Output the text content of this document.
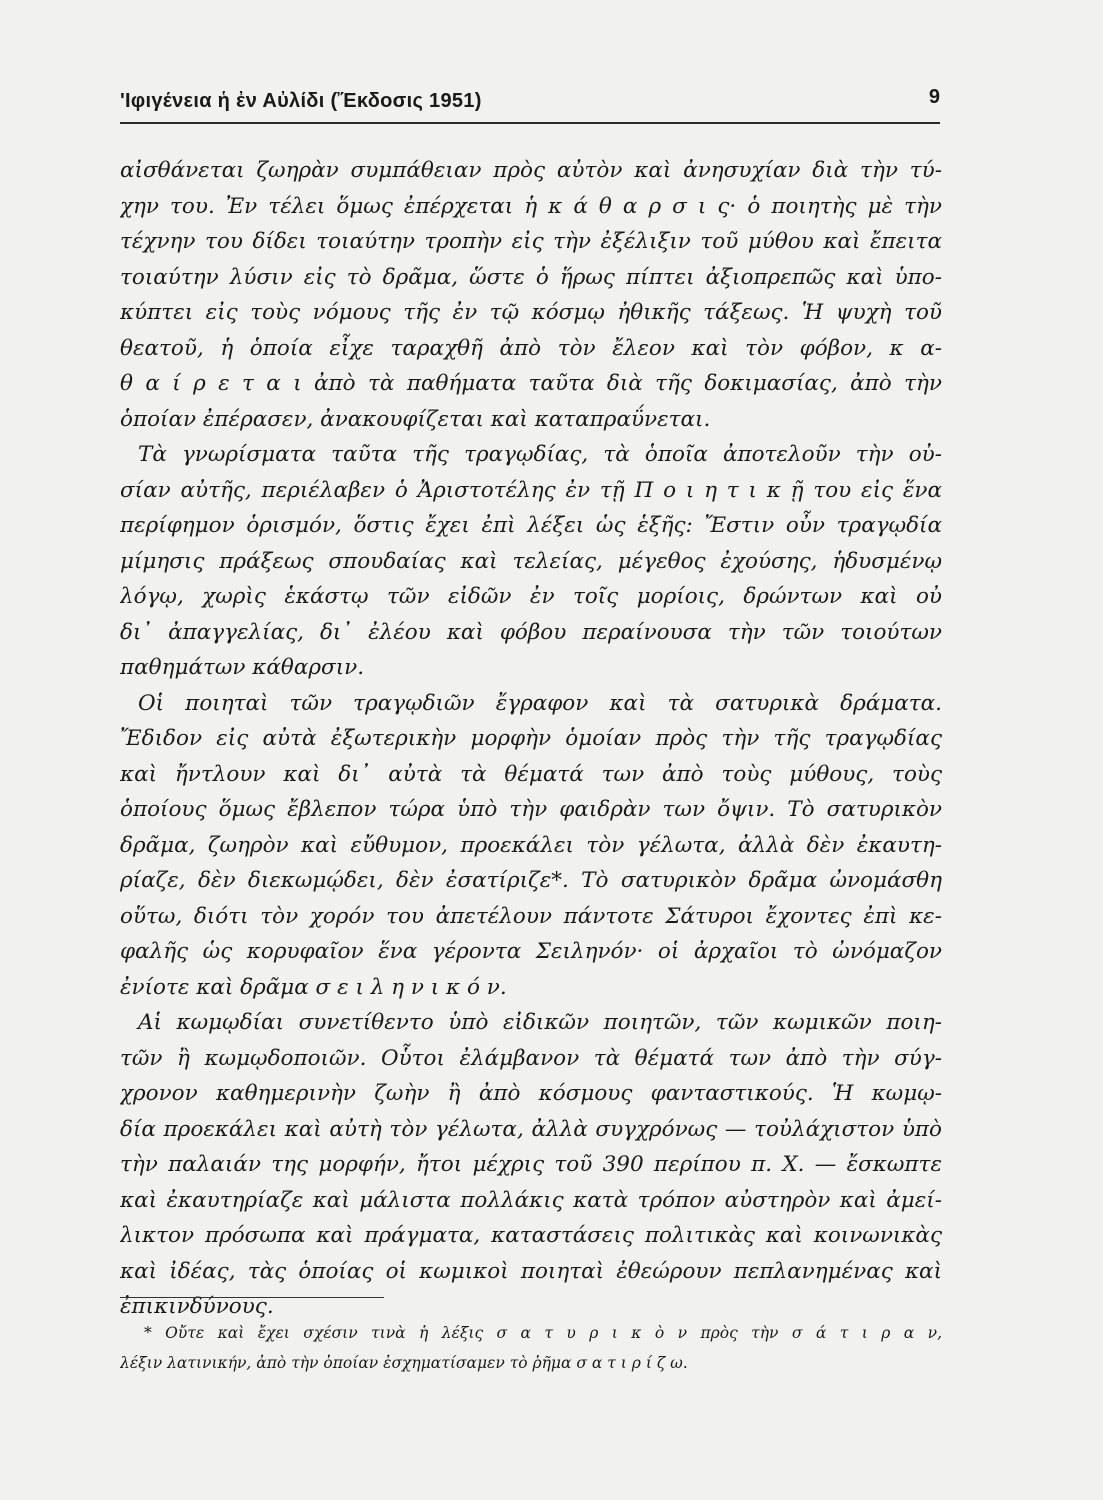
'Ιφιγένεια ἡ ἐν Αὐλίδι (Ἔκδοσις 1951)	9
αἰσθάνεται ζωηρὰν συμπάθειαν πρὸς αὐτὸν καὶ ἀνησυχίαν διὰ τὴν τύ-
χην του. Ἐν τέλει ὅμως ἐπέρχεται ἡ κ ά θ α ρ σ ι ς· ὁ ποιητὴς μὲ τὴν
τέχνην του δίδει τοιαύτην τροπὴν εἰς τὴν ἐξέλιξιν τοῦ μύθου καὶ ἔπειτα
τοιαύτην λύσιν εἰς τὸ δρᾶμα, ὥστε ὁ ἥρως πίπτει ἀξιοπρεπῶς καὶ ὑπο-
κύπτει εἰς τοὺς νόμους τῆς ἐν τῷ κόσμῳ ἠθικῆς τάξεως. Ἡ ψυχὴ τοῦ
θεατοῦ, ἡ ὁποία εἶχε ταραχθῆ ἀπὸ τὸν ἔλεον καὶ τὸν φόβον, κ α-
θ α ί ρ ε τ α ι ἀπὸ τὰ παθήματα ταῦτα διὰ τῆς δοκιμασίας, ἀπὸ τὴν
ὁποίαν ἐπέρασεν, ἀνακουφίζεται καὶ καταπραΰνεται.
Τὰ γνωρίσματα ταῦτα τῆς τραγῳδίας, τὰ ὁποῖα ἀποτελοῦν τὴν οὐ-
σίαν αὐτῆς, περιέλαβεν ὁ Ἀριστοτέλης ἐν τῇ Π ο ι η τ ι κ ῇ του εἰς ἕνα
περίφημον ὁρισμόν, ὅστις ἔχει ἐπὶ λέξει ὡς ἑξῆς: Ἔστιν οὖν τραγῳδία
μίμησις πράξεως σπουδαίας καὶ τελείας, μέγεθος ἐχούσης, ἡδυσμένῳ
λόγῳ, χωρὶς ἑκάστῳ τῶν εἰδῶν ἐν τοῖς μορίοις, δρώντων καὶ οὐ
δι᾽ ἀπαγγελίας, δι᾽ ἐλέου καὶ φόβου περαίνουσα τὴν τῶν τοιούτων
παθημάτων κάθαρσιν.
Οἱ ποιηταὶ τῶν τραγῳδιῶν ἔγραφον καὶ τὰ σατυρικὰ δράματα.
Ἔδιδον εἰς αὐτὰ ἐξωτερικὴν μορφὴν ὁμοίαν πρὸς τὴν τῆς τραγῳδίας
καὶ ἤντλουν καὶ δι᾽ αὐτὰ τὰ θέματά των ἀπὸ τοὺς μύθους, τοὺς
ὁποίους ὅμως ἔβλεπον τώρα ὑπὸ τὴν φαιδρὰν των ὄψιν. Τὸ σατυρικὸν
δρᾶμα, ζωηρὸν καὶ εὔθυμον, προεκάλει τὸν γέλωτα, ἀλλὰ δὲν ἐκαυτη-
ρίαζε, δὲν διεκωμῴδει, δὲν ἐσατίριζε*. Τὸ σατυρικὸν δρᾶμα ὠνομάσθη
οὕτω, διότι τὸν χορόν του ἀπετέλουν πάντοτε Σάτυροι ἔχοντες ἐπὶ κε-
φαλῆς ὡς κορυφαῖον ἕνα γέροντα Σειληνόν· οἱ ἀρχαῖοι τὸ ὠνόμαζον
ἐνίοτε καὶ δρᾶμα σ ε ι λ η ν ι κ ό ν.
Αἱ κωμῳδίαι συνετίθεντο ὑπὸ εἰδικῶν ποιητῶν, τῶν κωμικῶν ποιη-
τῶν ἢ κωμῳδοποιῶν. Οὗτοι ἐλάμβανον τὰ θέματά των ἀπὸ τὴν σύγ-
χρονον καθημερινὴν ζωὴν ἢ ἀπὸ κόσμους φανταστικούς. Ἡ κωμῳ-
δία προεκάλει καὶ αὐτὴ τὸν γέλωτα, ἀλλὰ συγχρόνως — τοὐλάχιστον ὑπὸ
τὴν παλαιάν της μορφήν, ἤτοι μέχρις τοῦ 390 περίπου π. Χ. — ἔσκωπτε
καὶ ἐκαυτηρίαζε καὶ μάλιστα πολλάκις κατὰ τρόπον αὐστηρὸν καὶ ἀμεί-
λικτον πρόσωπα καὶ πράγματα, καταστάσεις πολιτικὰς καὶ κοινωνικὰς
καὶ ἰδέας, τὰς ὁποίας οἱ κωμικοὶ ποιηταὶ ἐθεώρουν πεπλανημένας καὶ
ἐπικινδύνους.
* Οὔτε καὶ ἔχει σχέσιν τινὰ ἡ λέξις σ α τ υ ρ ι κ ὸ ν πρὸς τὴν σ ά τ ι ρ α ν,
λέξιν λατινικήν, ἀπὸ τὴν ὁποίαν ἐσχηματίσαμεν τὸ ῥῆμα σ α τ ι ρ ί ζ ω.
